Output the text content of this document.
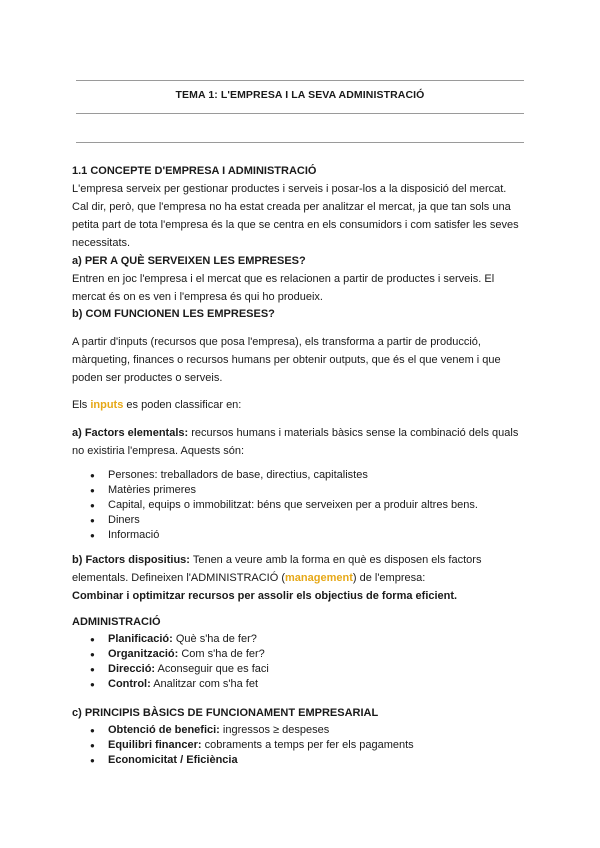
TEMA 1: L'EMPRESA I LA SEVA ADMINISTRACIÓ
1.1 CONCEPTE D'EMPRESA I ADMINISTRACIÓ
L'empresa serveix per gestionar productes i serveis i posar-los a la disposició del mercat.
Cal dir, però, que l'empresa no ha estat creada per analitzar el mercat, ja que tan sols una
petita part de tota l'empresa és la que se centra en els consumidors i com satisfer les seves
necessitats.
a) PER A QUÈ SERVEIXEN LES EMPRESES?
Entren en joc l'empresa i el mercat que es relacionen a partir de productes i serveis. El
mercat és on es ven i l'empresa és qui ho produeix.
b) COM FUNCIONEN LES EMPRESES?
A partir d'inputs (recursos que posa l'empresa), els transforma a partir de producció,
màrqueting, finances o recursos humans per obtenir outputs, que és el que venem i que
poden ser productes o serveis.
Els inputs es poden classificar en:
a) Factors elementals: recursos humans i materials bàsics sense la combinació dels quals
no existiria l'empresa. Aquests són:
● Persones: treballadors de base, directius, capitalistes
● Matèries primeres
● Capital, equips o immobilitzat: béns que serveixen per a produir altres bens.
● Diners
● Informació
b) Factors dispositius: Tenen a veure amb la forma en què es disposen els factors
elementals. Defineixen l'ADMINISTRACIÓ (management) de l'empresa:
Combinar i optimitzar recursos per assolir els objectius de forma eficient.
ADMINISTRACIÓ
● Planificació: Què s'ha de fer?
● Organització: Com s'ha de fer?
● Direcció: Aconseguir que es faci
● Control: Analitzar com s'ha fet
c) PRINCIPIS BÀSICS DE FUNCIONAMENT EMPRESARIAL
● Obtenció de benefici: ingressos ≥ despeses
● Equilibri financer: cobraments a temps per fer els pagaments
● Economicitat / Eficiència
